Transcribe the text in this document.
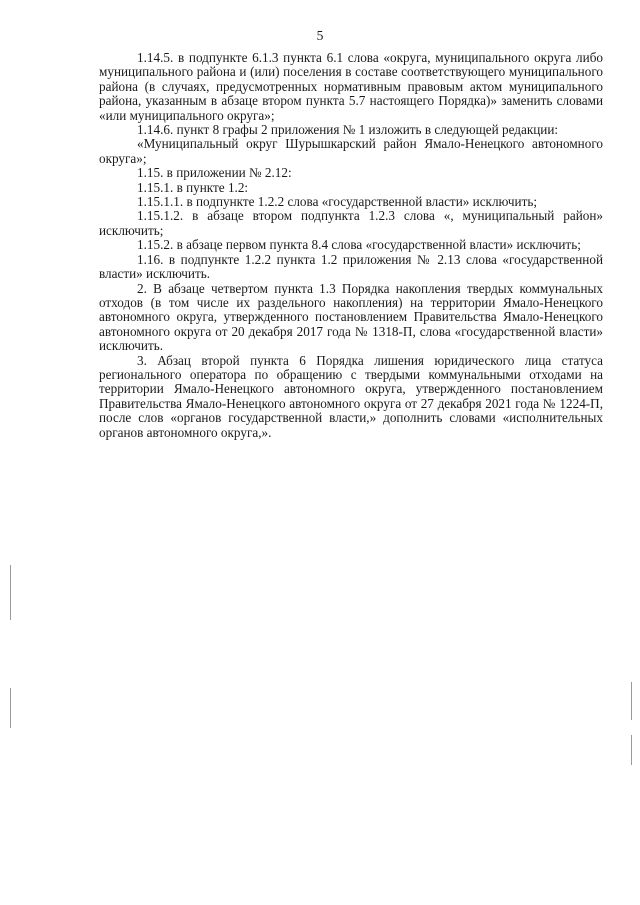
5

1.14.5. в подпункте 6.1.3 пункта 6.1 слова «округа, муниципального округа либо муниципального района и (или) поселения в составе соответствующего муниципального района (в случаях, предусмотренных нормативным правовым актом муниципального района, указанным в абзаце втором пункта 5.7 настоящего Порядка)» заменить словами «или муниципального округа»;

1.14.6. пункт 8 графы 2 приложения № 1 изложить в следующей редакции:

«Муниципальный округ Шурышкарский район Ямало-Ненецкого автономного округа»;

1.15. в приложении № 2.12:

1.15.1. в пункте 1.2:

1.15.1.1. в подпункте 1.2.2 слова «государственной власти» исключить;

1.15.1.2. в абзаце втором подпункта 1.2.3 слова «, муниципальный район» исключить;

1.15.2. в абзаце первом пункта 8.4 слова «государственной власти» исключить;

1.16. в подпункте 1.2.2 пункта 1.2 приложения № 2.13 слова «государственной власти» исключить.

2. В абзаце четвертом пункта 1.3 Порядка накопления твердых коммунальных отходов (в том числе их раздельного накопления) на территории Ямало-Ненецкого автономного округа, утвержденного постановлением Правительства Ямало-Ненецкого автономного округа от 20 декабря 2017 года № 1318-П, слова «государственной власти» исключить.

3. Абзац второй пункта 6 Порядка лишения юридического лица статуса регионального оператора по обращению с твердыми коммунальными отходами на территории Ямало-Ненецкого автономного округа, утвержденного постановлением Правительства Ямало-Ненецкого автономного округа от 27 декабря 2021 года № 1224-П, после слов «органов государственной власти,» дополнить словами «исполнительных органов автономного округа,».
